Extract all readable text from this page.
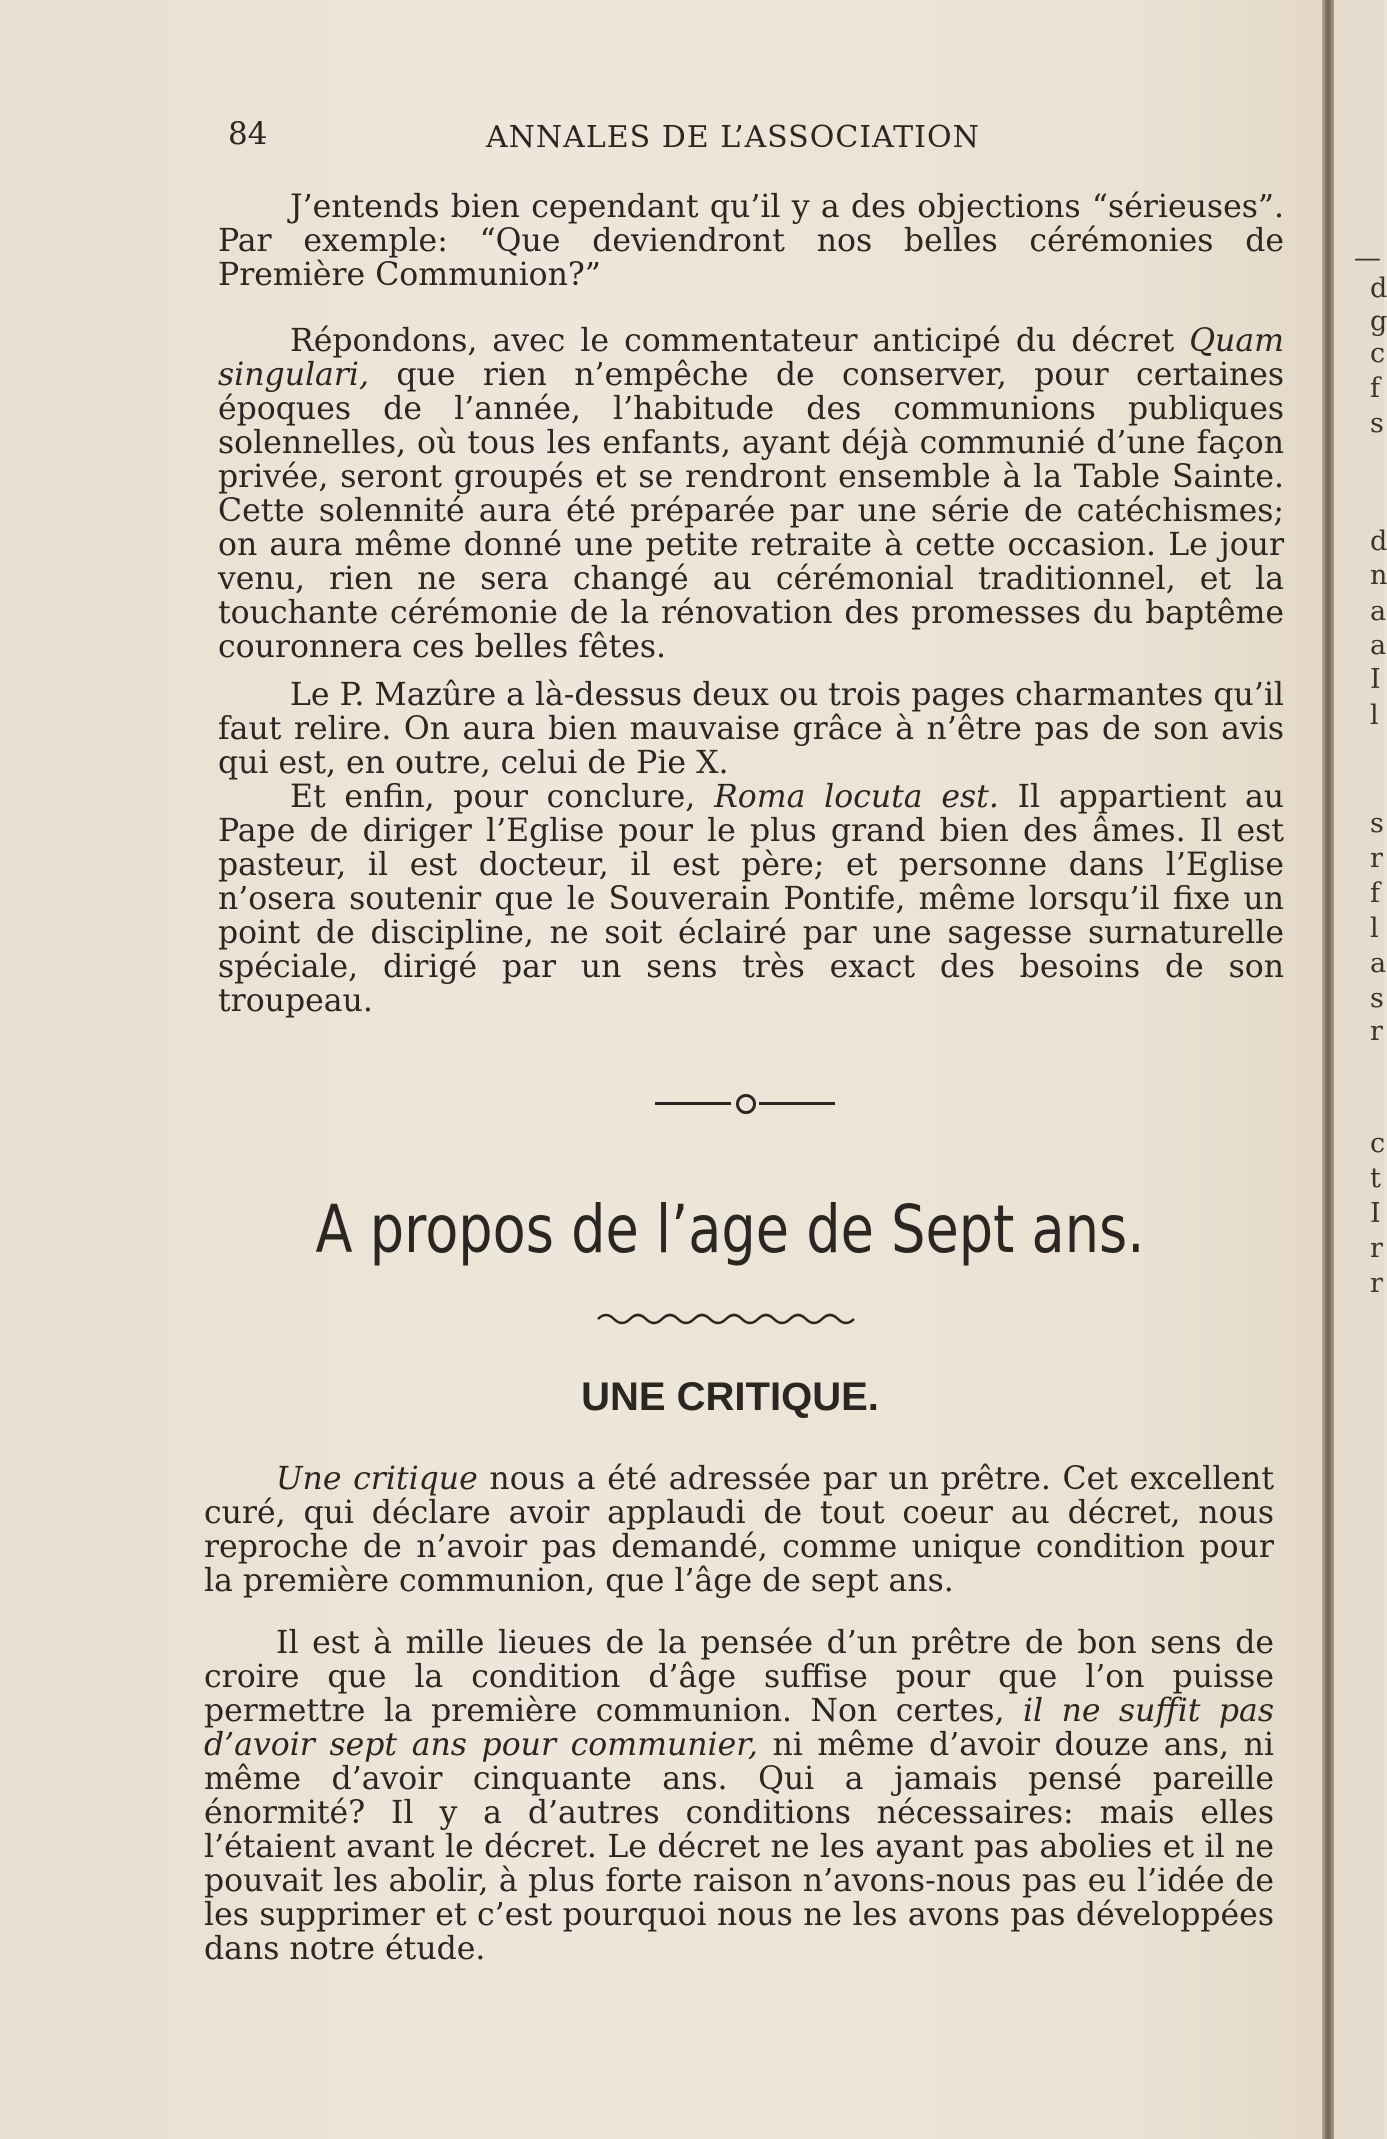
84	ANNALES DE L’ASSOCIATION

J’entends bien cependant qu’il y a des objections “sérieuses”. Par exemple: “Que deviendront nos belles cérémonies de Première Communion?”

Répondons, avec le commentateur anticipé du décret Quam singulari, que rien n’empêche de conserver, pour certaines époques de l’année, l’habitude des communions publiques solennelles, où tous les enfants, ayant déjà communié d’une façon privée, seront groupés et se rendront ensemble à la Table Sainte. Cette solennité aura été préparée par une série de catéchismes; on aura même donné une petite retraite à cette occasion. Le jour venu, rien ne sera changé au cérémonial traditionnel, et la touchante cérémonie de la rénovation des promesses du baptême couronnera ces belles fêtes.

Le P. Mazûre a là-dessus deux ou trois pages charmantes qu’il faut relire. On aura bien mauvaise grâce à n’être pas de son avis qui est, en outre, celui de Pie X.

Et enfin, pour conclure, Roma locuta est. Il appartient au Pape de diriger l’Eglise pour le plus grand bien des âmes. Il est pasteur, il est docteur, il est père; et personne dans l’Eglise n’osera soutenir que le Souverain Pontife, même lorsqu’il fixe un point de discipline, ne soit éclairé par une sagesse surnaturelle spéciale, dirigé par un sens très exact des besoins de son troupeau.

A propos de l’age de Sept ans.
UNE CRITIQUE.

Une critique nous a été adressée par un prêtre. Cet excellent curé, qui déclare avoir applaudi de tout coeur au décret, nous reproche de n’avoir pas demandé, comme unique condition pour la première communion, que l’âge de sept ans.

Il est à mille lieues de la pensée d’un prêtre de bon sens de croire que la condition d’âge suffise pour que l’on puisse permettre la première communion. Non certes, il ne suffit pas d’avoir sept ans pour communier, ni même d’avoir douze ans, ni même d’avoir cinquante ans. Qui a jamais pensé pareille énormité? Il y a d’autres conditions nécessaires: mais elles l’étaient avant le décret. Le décret ne les ayant pas abolies et il ne pouvait les abolir, à plus forte raison n’avons-nous pas eu l’idée de les supprimer et c’est pourquoi nous ne les avons pas développées dans notre étude.

—
d
g
c
f
s
d
n
a
a
I
l
s
r
f
l
a
s
r
c
t
I
r
r
